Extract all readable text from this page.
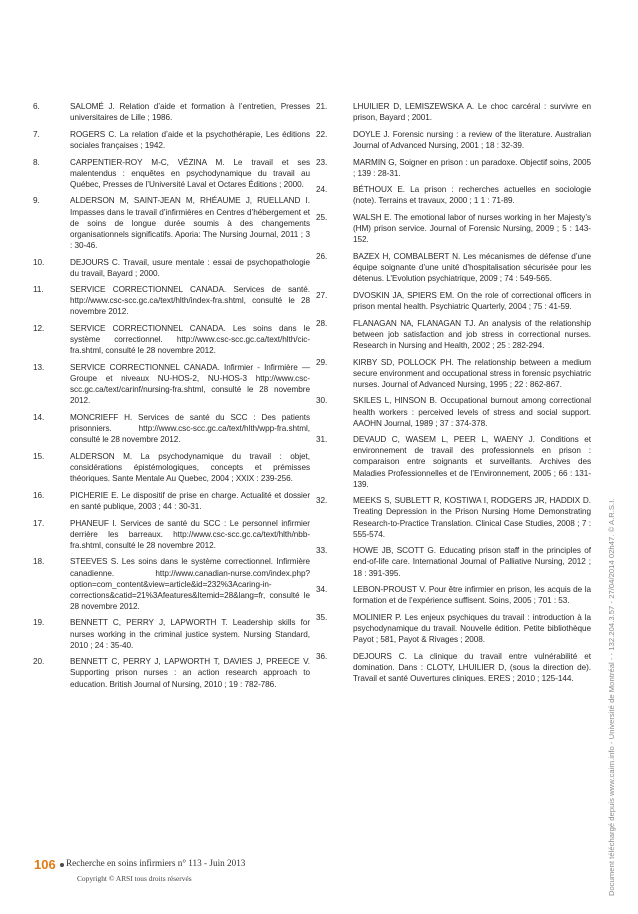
6.	SALOMÉ J. Relation d’aide et formation à l’entretien, Presses universitaires de Lille ; 1986.
7.	ROGERS C. La relation d’aide et la psychothérapie, Les éditions sociales françaises ; 1942.
8.	CARPENTIER-ROY M-C, VÉZINA M. Le travail et ses malentendus : enquêtes en psychodynamique du travail au Québec, Presses de l’Université Laval et Octares Éditions ; 2000.
9.	ALDERSON M, SAINT-JEAN M, RHÉAUME J, RUELLAND I. Impasses dans le travail d’infirmières en Centres d’hébergement et de soins de longue durée soumis à des changements organisationnels significatifs. Aporia: The Nursing Journal, 2011 ; 3 : 30-46.
10.	DEJOURS C. Travail, usure mentale : essai de psychopathologie du travail, Bayard ; 2000.
11.	SERVICE CORRECTIONNEL CANADA. Services de santé. http://www.csc-scc.gc.ca/text/hlth/index-fra.shtml, consulté le 28 novembre 2012.
12.	SERVICE CORRECTIONNEL CANADA. Les soins dans le système correctionnel. http://www.csc-scc.gc.ca/text/hlth/cic-fra.shtml, consulté le 28 novembre 2012.
13.	SERVICE CORRECTIONNEL CANADA. Infirmier - Infirmière — Groupe et niveaux NU-HOS-2, NU-HOS-3 http://www.csc-scc.gc.ca/text/carinf/nursing-fra.shtml, consulté le 28 novembre 2012.
14.	MONCRIEFF H. Services de santé du SCC : Des patients prisonniers. http://www.csc-scc.gc.ca/text/hlth/wpp-fra.shtml, consulté le 28 novembre 2012.
15.	ALDERSON M. La psychodynamique du travail : objet, considérations épistémologiques, concepts et prémisses théoriques. Sante Mentale Au Quebec, 2004 ; XXIX : 239-256.
16.	PICHERIE E. Le dispositif de prise en charge. Actualité et dossier en santé publique, 2003 ; 44 : 30-31.
17.	PHANEUF I. Services de santé du SCC : Le personnel infirmier derrière les barreaux. http://www.csc-scc.gc.ca/text/hlth/nbb-fra.shtml, consulté le 28 novembre 2012.
18.	STEEVES S. Les soins dans le système correctionnel. Infirmière canadienne. http://www.canadian-nurse.com/index.php?option=com_content&view=article&id=232%3Acaring-in-corrections&catid=21%3Afeatures&Itemid=28&lang=fr, consulté le 28 novembre 2012.
19.	BENNETT C, PERRY J, LAPWORTH T. Leadership skills for nurses working in the criminal justice system. Nursing Standard, 2010 ; 24 : 35-40.
20.	BENNETT C, PERRY J, LAPWORTH T, DAVIES J, PREECE V. Supporting prison nurses : an action research approach to education. British Journal of Nursing, 2010 ; 19 : 782-786.
21.	LHUILIER D, LEMISZEWSKA A. Le choc carcéral : survivre en prison, Bayard ; 2001.
22.	DOYLE J. Forensic nursing : a review of the literature. Australian Journal of Advanced Nursing, 2001 ; 18 : 32-39.
23.	MARMIN G, Soigner en prison : un paradoxe. Objectif soins, 2005 ; 139 : 28-31.
24.	BÉTHOUX E. La prison : recherches actuelles en sociologie (note). Terrains et travaux, 2000 ; 1 1 : 71-89.
25.	WALSH E. The emotional labor of nurses working in her Majesty’s (HM) prison service. Journal of Forensic Nursing, 2009 ; 5 : 143-152.
26.	BAZEX H, COMBALBERT N. Les mécanismes de défense d’une équipe soignante d’une unité d’hospitalisation sécurisée pour les détenus. L’Evolution psychiatrique, 2009 ; 74 : 549-565.
27.	DVOSKIN JA, SPIERS EM. On the role of correctional officers in prison mental health. Psychiatric Quarterly, 2004 ; 75 : 41-59.
28.	FLANAGAN NA, FLANAGAN TJ. An analysis of the relationship between job satisfaction and job stress in correctional nurses. Research in Nursing and Health, 2002 ; 25 : 282-294.
29.	KIRBY SD, POLLOCK PH. The relationship between a medium secure environment and occupational stress in forensic psychiatric nurses. Journal of Advanced Nursing, 1995 ; 22 : 862-867.
30.	SKILES L, HINSON B. Occupational burnout among correctional health workers : perceived levels of stress and social support. AAOHN Journal, 1989 ; 37 : 374-378.
31.	DEVAUD C, WASEM L, PEER L, WAENY J. Conditions et environnement de travail des professionnels en prison : comparaison entre soignants et surveillants. Archives des Maladies Professionnelles et de l’Environnement, 2005 ; 66 : 131-139.
32.	MEEKS S, SUBLETT R, KOSTIWA I, RODGERS JR, HADDIX D. Treating Depression in the Prison Nursing Home Demonstrating Research-to-Practice Translation. Clinical Case Studies, 2008 ; 7 : 555-574.
33.	HOWE JB, SCOTT G. Educating prison staff in the principles of end-of-life care. International Journal of Palliative Nursing, 2012 ; 18 : 391-395.
34.	LEBON-PROUST V. Pour être infirmier en prison, les acquis de la formation et de l’expérience suffisent. Soins, 2005 ; 701 : 53.
35.	MOLINIER P. Les enjeux psychiques du travail : introduction à la psychodynamique du travail. Nouvelle édition. Petite bibliothèque Payot ; 581, Payot & Rivages ; 2008.
36.	DEJOURS C. La clinique du travail entre vulnérabilité et domination. Dans : CLOTY, LHUILIER D, (sous la direction de). Travail et santé Ouvertures cliniques. ERES ; 2010 ; 125-144.
106 Recherche en soins infirmiers n° 113 - Juin 2013
Copyright © ARSI tous droits réservés	Document téléchargé depuis www.cairn.info - Université de Montréal - - 132.204.3.57 - 27/04/2014 02h47. © A.R.S.I.
